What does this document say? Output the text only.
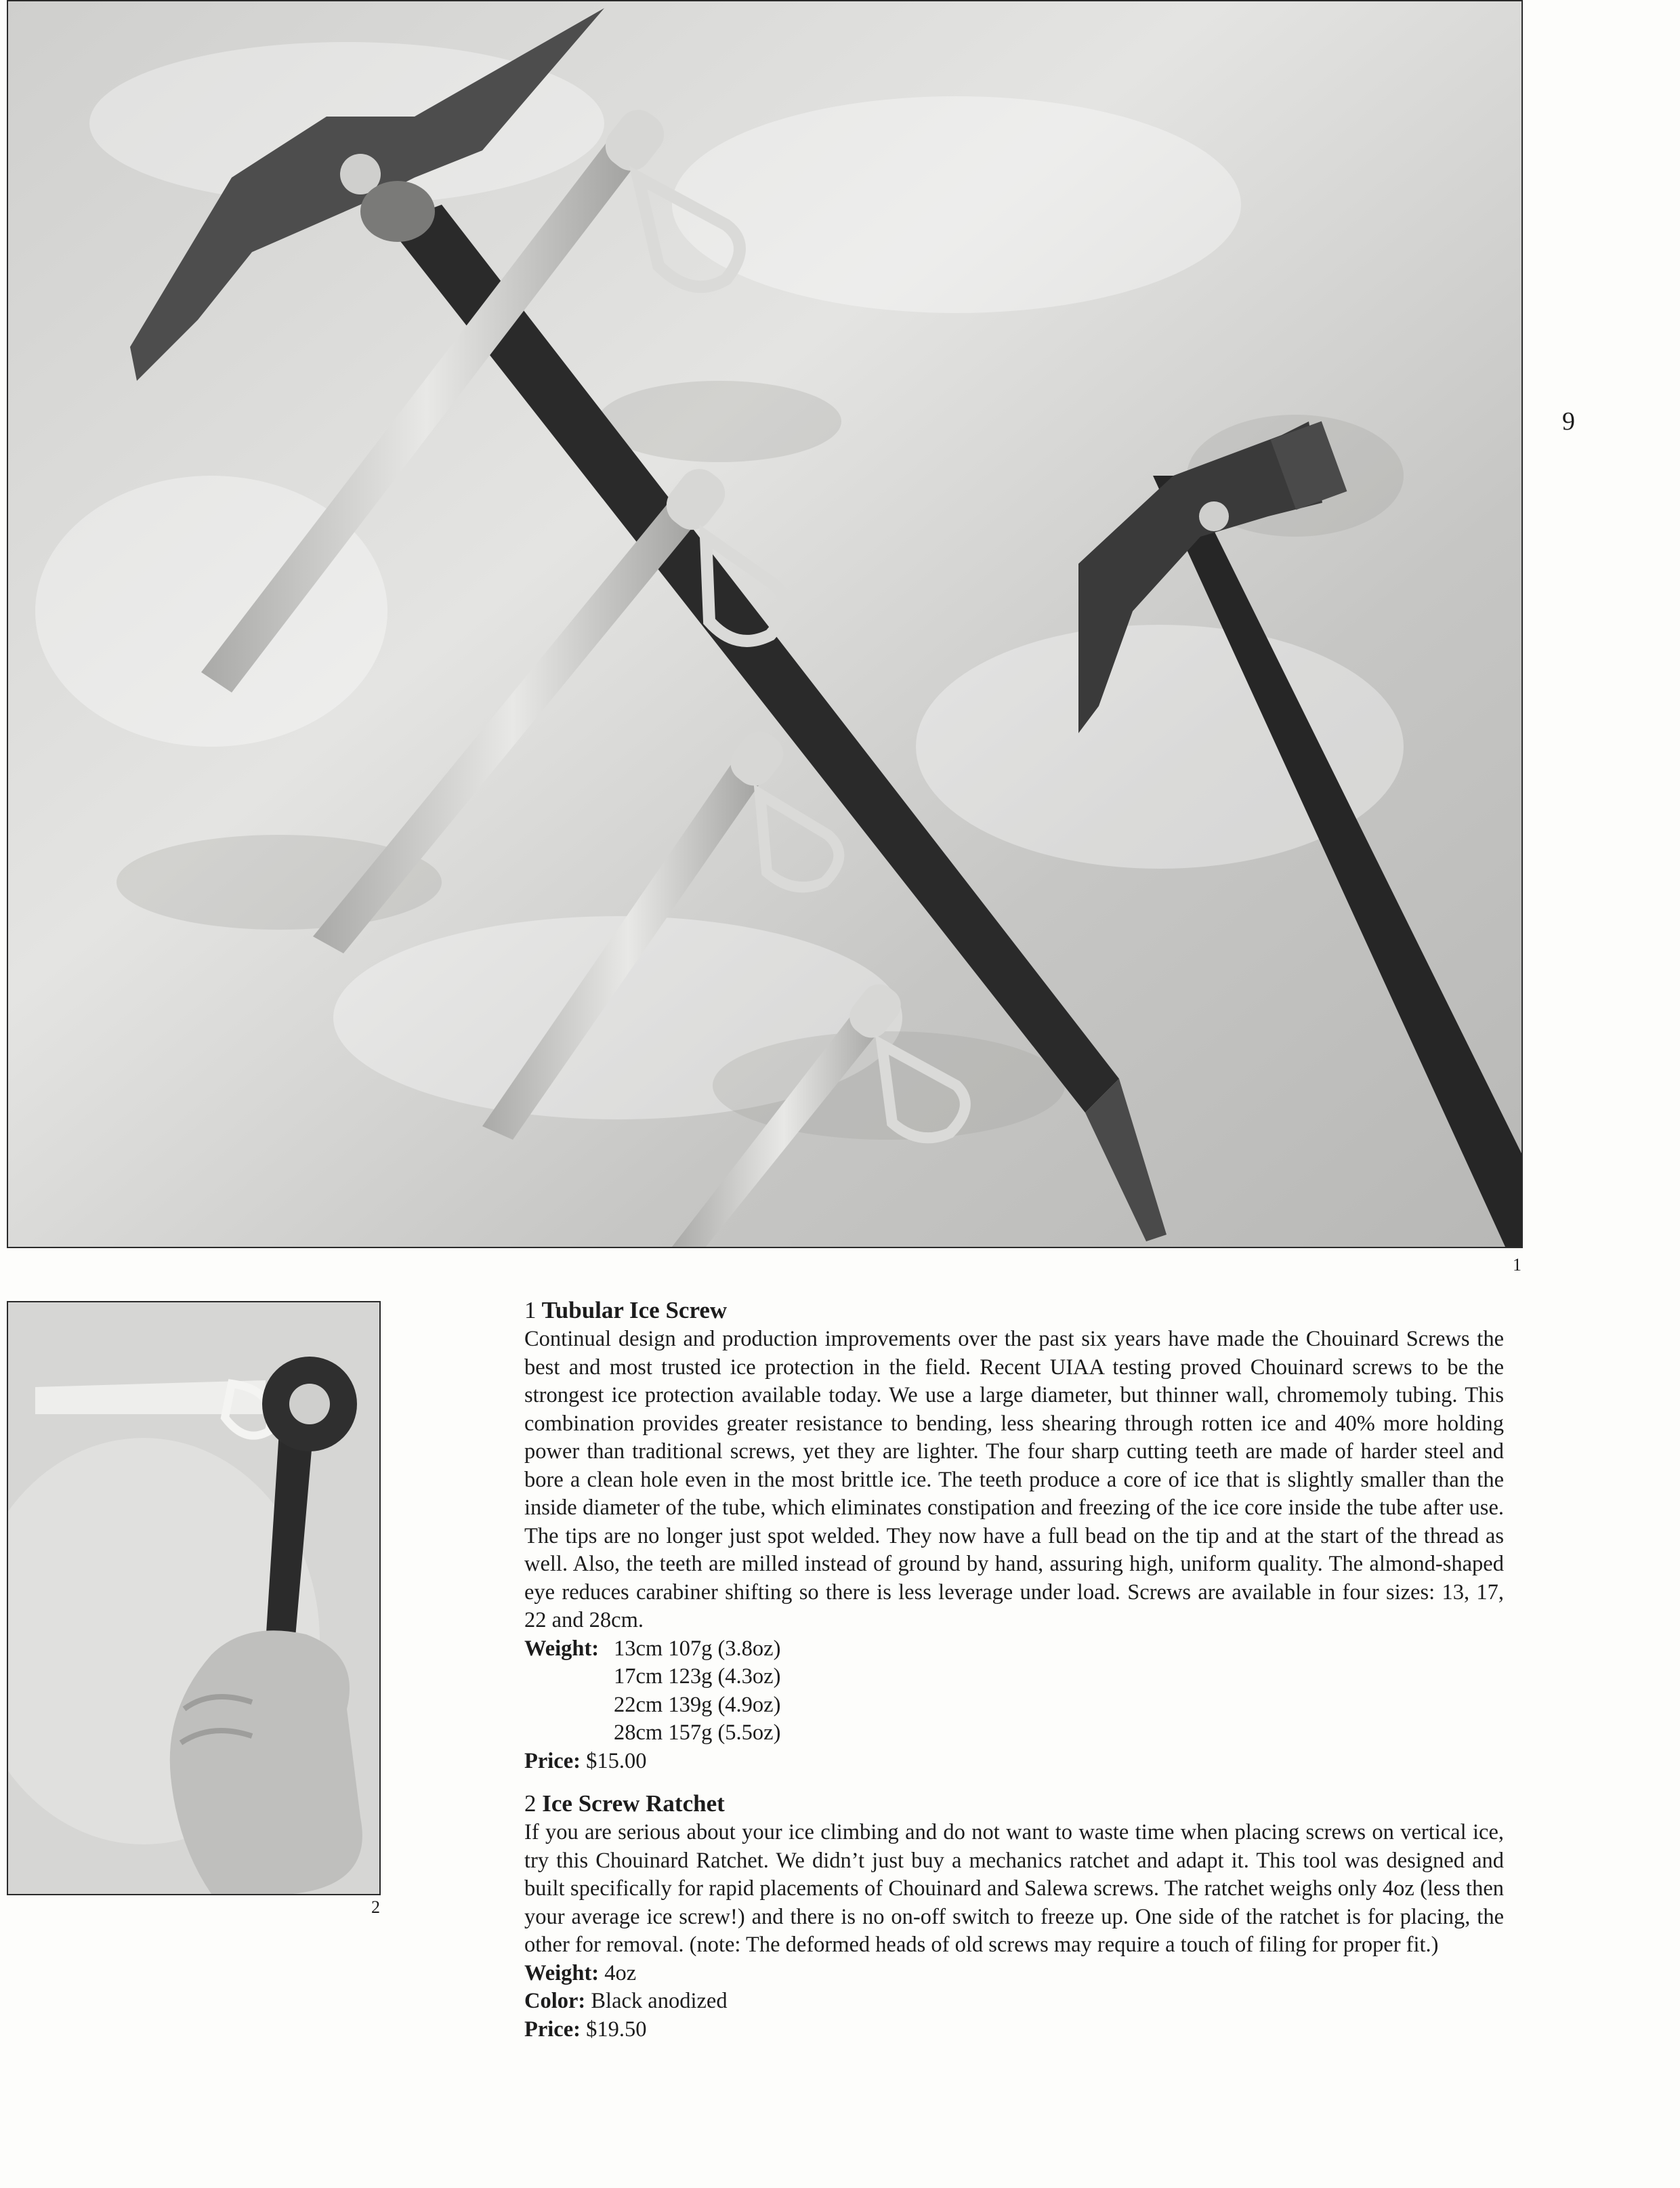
9
1
2

1 Tubular Ice Screw

Continual design and production improvements over the past six years have made the Chouinard Screws the best and most trusted ice protection in the field. Recent UIAA testing proved Chouinard screws to be the strongest ice protection available today. We use a large diameter, but thinner wall, chromemoly tubing. This combination provides greater resistance to bending, less shearing through rotten ice and 40% more holding power than traditional screws, yet they are lighter. The four sharp cutting teeth are made of harder steel and bore a clean hole even in the most brittle ice. The teeth produce a core of ice that is slightly smaller than the inside diameter of the tube, which eliminates constipation and freezing of the ice core inside the tube after use. The tips are no longer just spot welded. They now have a full bead on the tip and at the start of the thread as well. Also, the teeth are milled instead of ground by hand, assuring high, uniform quality. The almond-shaped eye reduces carabiner shifting so there is less leverage under load. Screws are available in four sizes: 13, 17, 22 and 28cm.

Weight: 13cm 107g (3.8oz)
17cm 123g (4.3oz)
22cm 139g (4.9oz)
28cm 157g (5.5oz)

Price: $15.00

2 Ice Screw Ratchet

If you are serious about your ice climbing and do not want to waste time when placing screws on vertical ice, try this Chouinard Ratchet. We didn’t just buy a mechanics ratchet and adapt it. This tool was designed and built specifically for rapid placements of Chouinard and Salewa screws. The ratchet weighs only 4oz (less then your average ice screw!) and there is no on-off switch to freeze up. One side of the ratchet is for placing, the other for removal. (note: The deformed heads of old screws may require a touch of filing for proper fit.)

Weight: 4oz

Color: Black anodized

Price: $19.50
